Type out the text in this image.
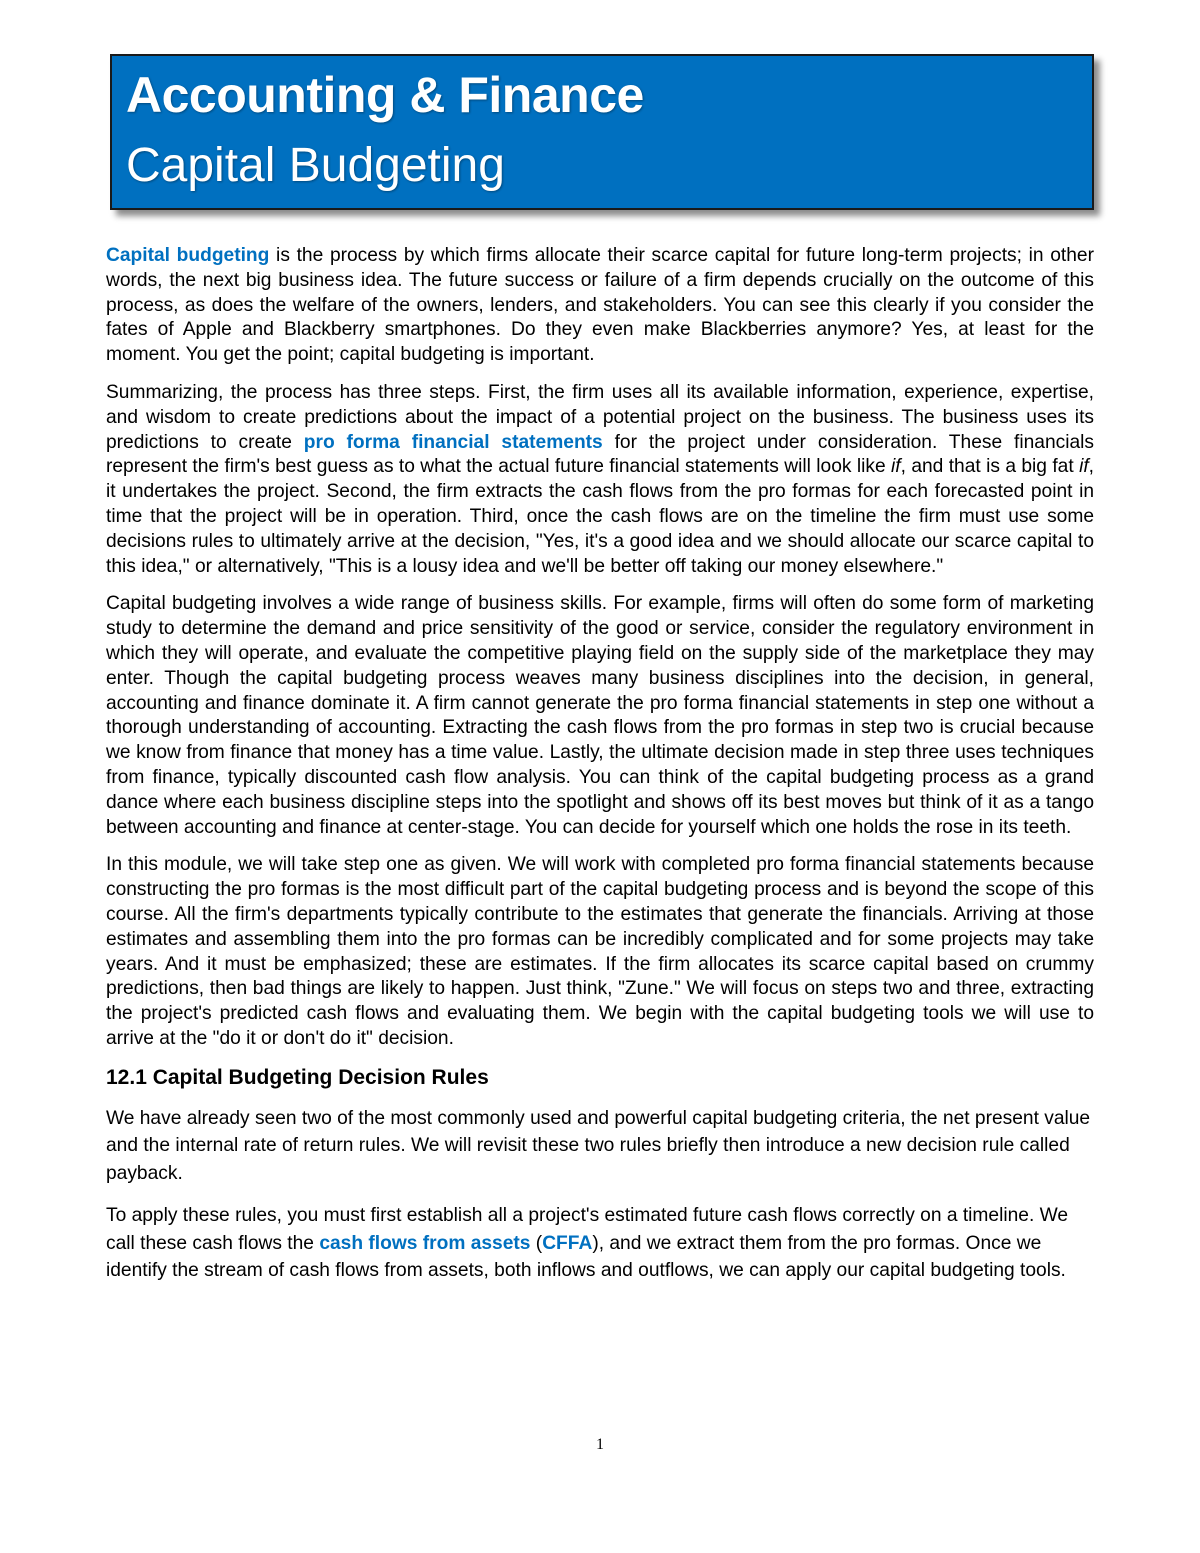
Accounting & Finance
Capital Budgeting

Capital budgeting is the process by which firms allocate their scarce capital for future long-term projects; in other words, the next big business idea. The future success or failure of a firm depends crucially on the outcome of this process, as does the welfare of the owners, lenders, and stakeholders. You can see this clearly if you consider the fates of Apple and Blackberry smartphones. Do they even make Blackberries anymore? Yes, at least for the moment. You get the point; capital budgeting is important.

Summarizing, the process has three steps. First, the firm uses all its available information, experience, expertise, and wisdom to create predictions about the impact of a potential project on the business. The business uses its predictions to create pro forma financial statements for the project under consideration. These financials represent the firm's best guess as to what the actual future financial statements will look like if, and that is a big fat if, it undertakes the project. Second, the firm extracts the cash flows from the pro formas for each forecasted point in time that the project will be in operation. Third, once the cash flows are on the timeline the firm must use some decisions rules to ultimately arrive at the decision, "Yes, it's a good idea and we should allocate our scarce capital to this idea," or alternatively, "This is a lousy idea and we'll be better off taking our money elsewhere."

Capital budgeting involves a wide range of business skills. For example, firms will often do some form of marketing study to determine the demand and price sensitivity of the good or service, consider the regulatory environment in which they will operate, and evaluate the competitive playing field on the supply side of the marketplace they may enter. Though the capital budgeting process weaves many business disciplines into the decision, in general, accounting and finance dominate it. A firm cannot generate the pro forma financial statements in step one without a thorough understanding of accounting. Extracting the cash flows from the pro formas in step two is crucial because we know from finance that money has a time value. Lastly, the ultimate decision made in step three uses techniques from finance, typically discounted cash flow analysis. You can think of the capital budgeting process as a grand dance where each business discipline steps into the spotlight and shows off its best moves but think of it as a tango between accounting and finance at center-stage. You can decide for yourself which one holds the rose in its teeth.

In this module, we will take step one as given. We will work with completed pro forma financial statements because constructing the pro formas is the most difficult part of the capital budgeting process and is beyond the scope of this course. All the firm's departments typically contribute to the estimates that generate the financials. Arriving at those estimates and assembling them into the pro formas can be incredibly complicated and for some projects may take years. And it must be emphasized; these are estimates. If the firm allocates its scarce capital based on crummy predictions, then bad things are likely to happen. Just think, "Zune." We will focus on steps two and three, extracting the project's predicted cash flows and evaluating them. We begin with the capital budgeting tools we will use to arrive at the "do it or don't do it" decision.

12.1 Capital Budgeting Decision Rules

We have already seen two of the most commonly used and powerful capital budgeting criteria, the net present value and the internal rate of return rules. We will revisit these two rules briefly then introduce a new decision rule called payback.

To apply these rules, you must first establish all a project's estimated future cash flows correctly on a timeline. We call these cash flows the cash flows from assets (CFFA), and we extract them from the pro formas. Once we identify the stream of cash flows from assets, both inflows and outflows, we can apply our capital budgeting tools.

1
